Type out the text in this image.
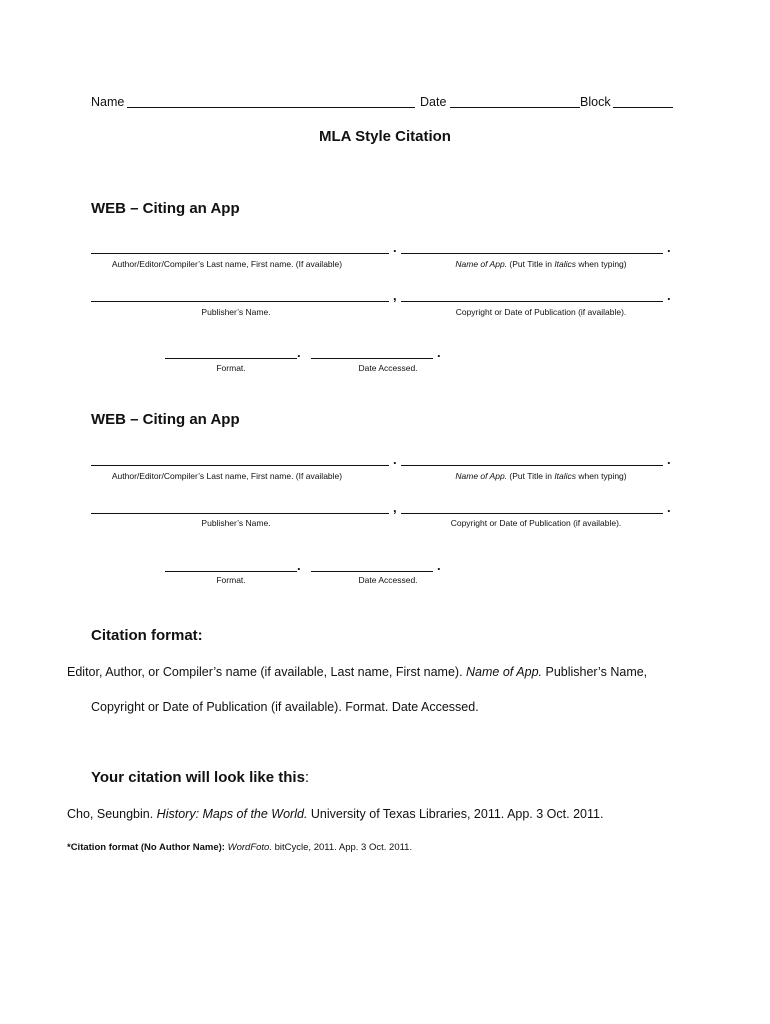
Name	Date	Block
MLA Style Citation
WEB – Citing an App
.	.
Author/Editor/Compiler’s Last name, First name. (If available)	Name of App. (Put Title in Italics when typing)
,	.
Publisher’s Name.	Copyright or Date of Publication (if available).
.	.
Format.	Date Accessed.
WEB – Citing an App
.	.
Author/Editor/Compiler’s Last name, First name. (If available)	Name of App. (Put Title in Italics when typing)
,	.
Publisher’s Name.	Copyright or Date of Publication (if available).
.	.
Format.	Date Accessed.
Citation format:
Editor, Author, or Compiler’s name (if available, Last name, First name). Name of App. Publisher’s Name,
Copyright or Date of Publication (if available). Format. Date Accessed.
Your citation will look like this:
Cho, Seungbin. History: Maps of the World. University of Texas Libraries, 2011. App. 3 Oct. 2011.
*Citation format (No Author Name): WordFoto. bitCycle, 2011. App. 3 Oct. 2011.
